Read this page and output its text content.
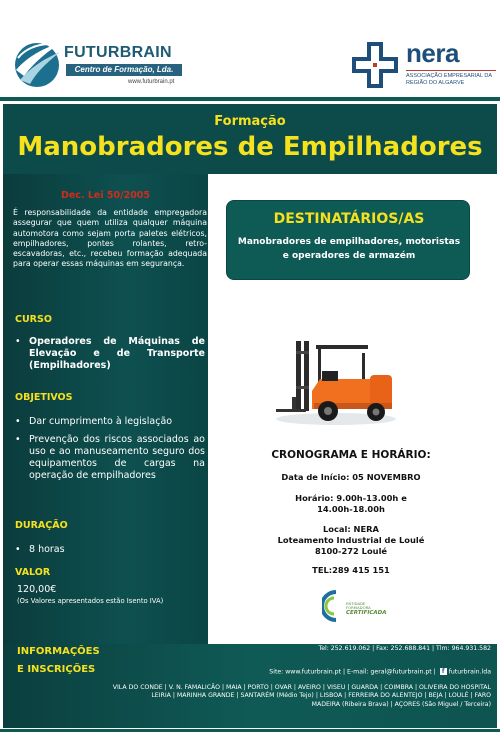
FUTURBRAIN
Centro de Formação, Lda.
www.futurbrain.pt
nera
ASSOCIAÇÃO EMPRESARIAL DA REGIÃO DO ALGARVE
Formação
Manobradores de Empilhadores
Dec. Lei 50/2005
É responsabilidade da entidade empregadora assegurar que quem utiliza qualquer máquina automotora como sejam porta paletes elétricos, empilhadores, pontes rolantes, retro-escavadoras, etc., recebeu formação adequada para operar essas máquinas em segurança.
CURSO
• Operadores de Máquinas de Elevação e de Transporte (Empilhadores)
OBJETIVOS
• Dar cumprimento à legislação
• Prevenção dos riscos associados ao uso e ao manuseamento seguro dos equipamentos de cargas na operação de empilhadores
DURAÇÃO
• 8 horas
VALOR
120,00€
(Os Valores apresentados estão Isento IVA)
DESTINATÁRIOS/AS
Manobradores de empilhadores, motoristas e operadores de armazém
CRONOGRAMA E HORÁRIO:
Data de Início: 05 NOVEMBRO
Horário: 9.00h-13.00h e
14.00h-18.00h
Local: NERA
Loteamento Industrial de Loulé
8100-272 Loulé
TEL:289 415 151
ENTIDADE FORMADORA
CERTIFICADA
INFORMAÇÕES
E INSCRIÇÕES
Av. General Humberto Delgado, 103 – 2º Andar | Sala C | 4480-905 Vila do Conde
Tel: 252.619.062 | Fax: 252.688.841 | Tlm: 964.931.582
Site: www.futurbrain.pt | E-mail: geral@futurbrain.pt | f futurbrain.lda
VILA DO CONDE | V. N. FAMALICÃO | MAIA | PORTO | OVAR | AVEIRO | VISEU | GUARDA | COIMBRA | OLIVEIRA DO HOSPITAL
LEIRIA | MARINHA GRANDE | SANTARÉM (Médio Tejo) | LISBOA | FERREIRA DO ALENTEJO | BEJA | LOULÉ | FARO
MADEIRA (Ribeira Brava) | AÇORES (São Miguel / Terceira)
